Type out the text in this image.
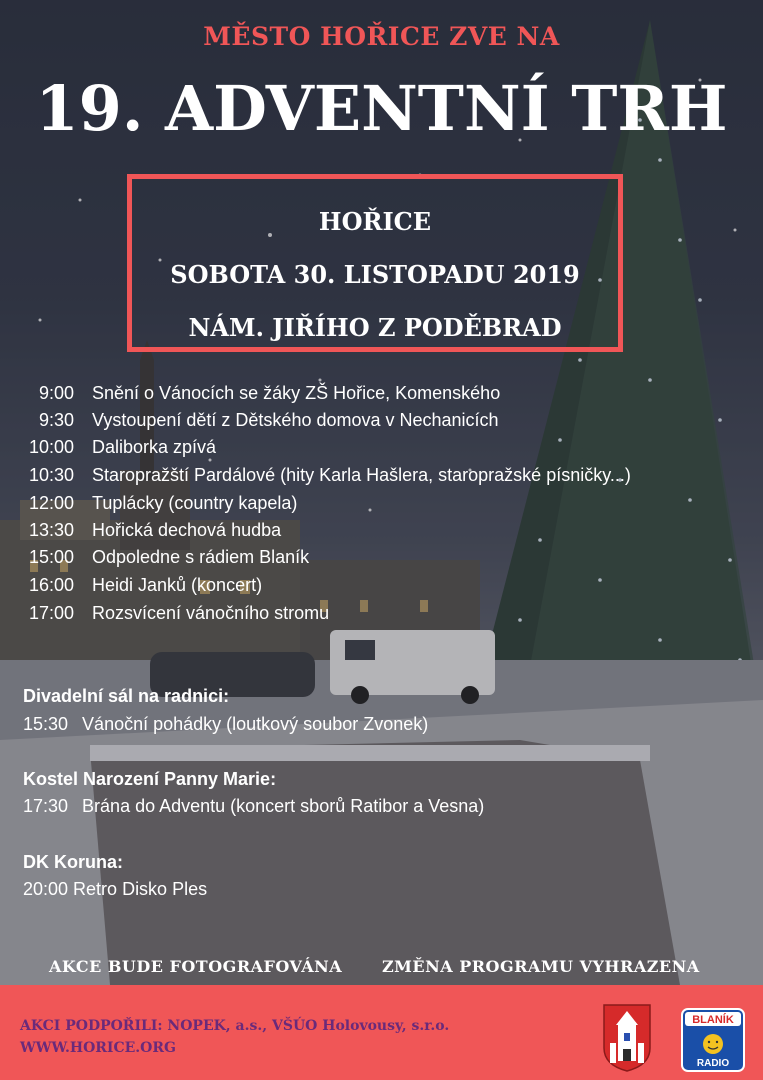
MĚSTO HOŘICE ZVE NA
19. ADVENTNÍ TRH
HOŘICE
SOBOTA 30. LISTOPADU 2019
NÁM. JIŘÍHO Z PODĚBRAD
9:00 Snění o Vánocích se žáky ZŠ Hořice, Komenského
9:30 Vystoupení dětí z Dětského domova v Nechanicích
10:00 Daliborka zpívá
10:30 Staropražští Pardálové (hity Karla Hašlera, staropražské písničky...)
12:00 Tuplácky (country kapela)
13:30 Hořická dechová hudba
15:00 Odpoledne s rádiem Blaník
16:00 Heidi Janků (koncert)
17:00 Rozsvícení vánočního stromu
Divadelní sál na radnici:
15:30 Vánoční pohádky (loutkový soubor Zvonek)
Kostel Narození Panny Marie:
17:30 Brána do Adventu (koncert sborů Ratibor a Vesna)
DK Koruna:
20:00 Retro Disko Ples
AKCE BUDE FOTOGRAFOVÁNA ZMĚNA PROGRAMU VYHRAZENA
AKCI PODPOŘILI: NOPEK, a.s., VŠÚO Holovousy, s.r.o.
WWW.HORICE.ORG
BLANÍK
RADIO
